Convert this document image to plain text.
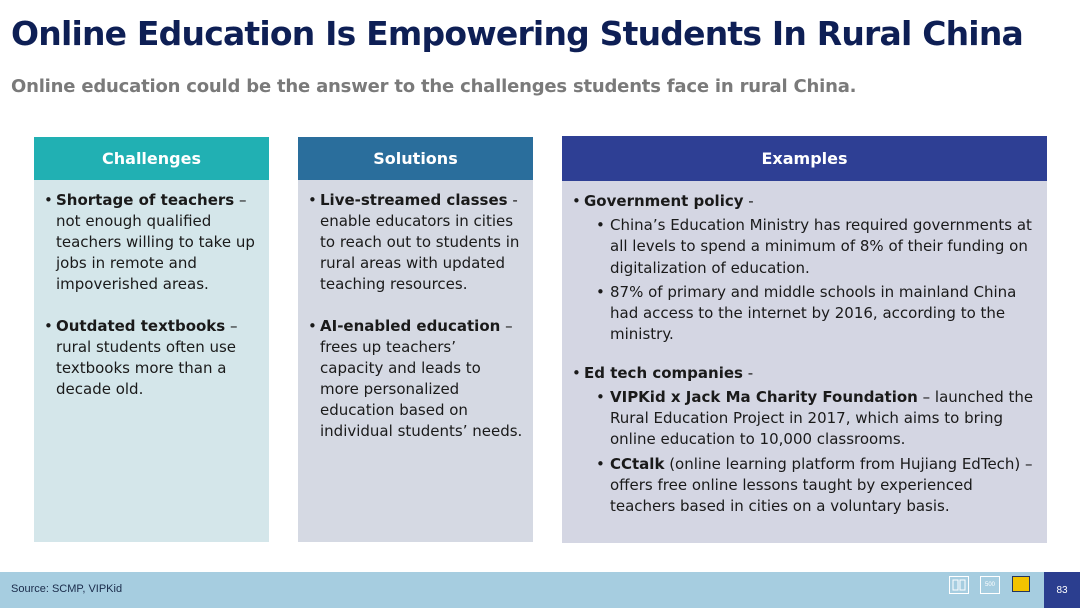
Online Education Is Empowering Students In Rural China
Online education could be the answer to the challenges students face in rural China.
Challenges
• Shortage of teachers – not enough qualified teachers willing to take up jobs in remote and impoverished areas.
• Outdated textbooks – rural students often use textbooks more than a decade old.
Solutions
• Live-streamed classes - enable educators in cities to reach out to students in rural areas with updated teaching resources.
• AI-enabled education – frees up teachers’ capacity and leads to more personalized education based on individual students’ needs.
Examples
• Government policy -
• China’s Education Ministry has required governments at all levels to spend a minimum of 8% of their funding on digitalization of education.
• 87% of primary and middle schools in mainland China had access to the internet by 2016, according to the ministry.
• Ed tech companies -
• VIPKid x Jack Ma Charity Foundation – launched the Rural Education Project in 2017, which aims to bring online education to 10,000 classrooms.
• CCtalk (online learning platform from Hujiang EdTech) – offers free online lessons taught by experienced teachers based in cities on a voluntary basis.
Source: SCMP, VIPKid	500	83
